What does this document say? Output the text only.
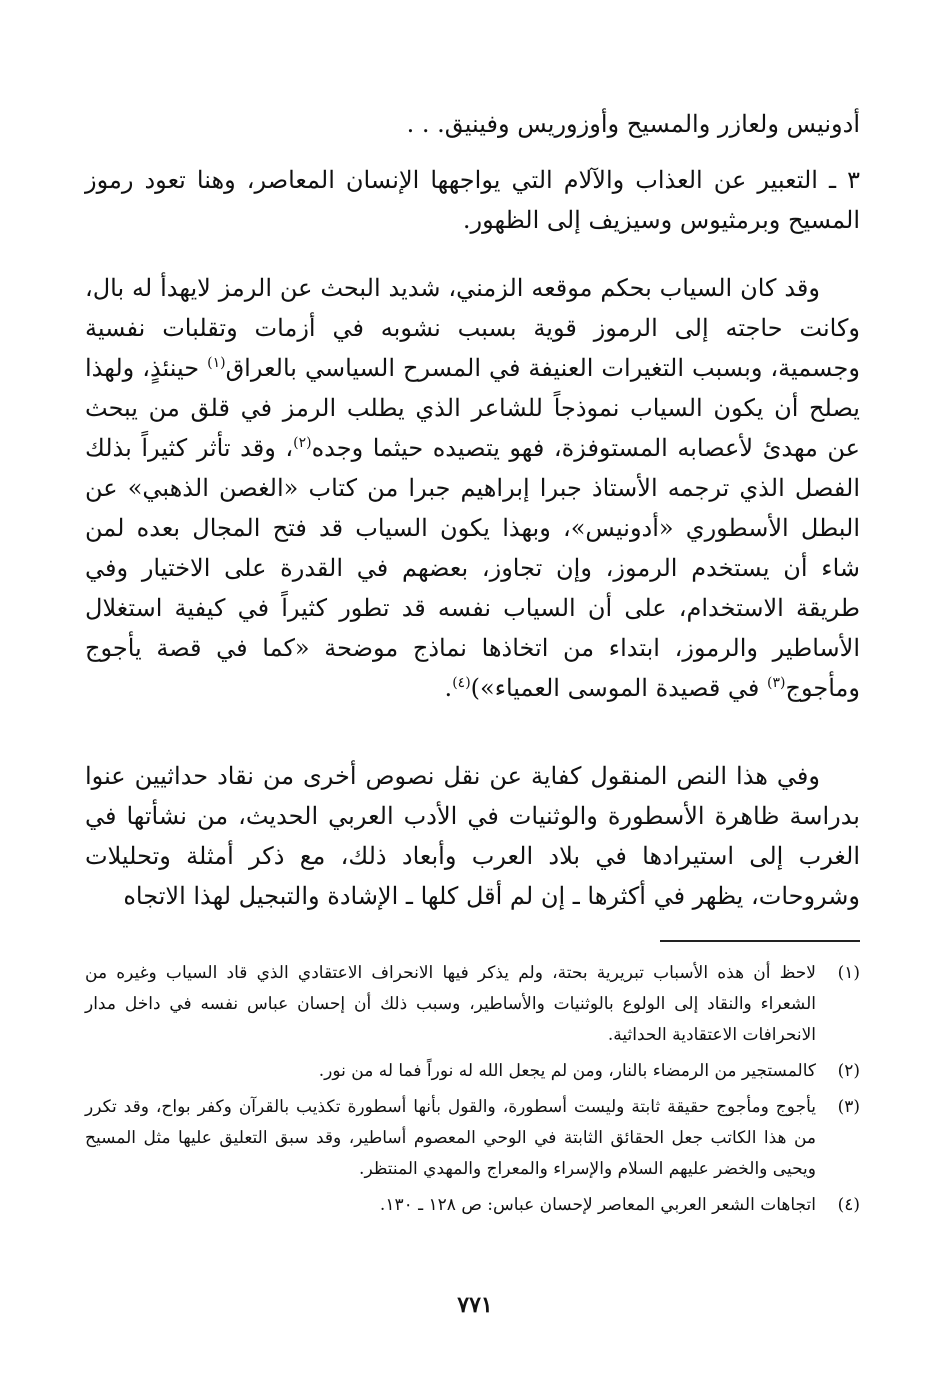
أدونيس ولعازر والمسيح وأوزوريس وفينيق. . .

٣ ـ التعبير عن العذاب والآلام التي يواجهها الإنسان المعاصر، وهنا تعود رموز المسيح وبرمثيوس وسيزيف إلى الظهور.

وقد كان السياب بحكم موقعه الزمني، شديد البحث عن الرمز لايهدأ له بال، وكانت حاجته إلى الرموز قوية بسبب نشوبه في أزمات وتقلبات نفسية وجسمية، وبسبب التغيرات العنيفة في المسرح السياسي بالعراق$^{(١)}$ حينئذٍ، ولهذا يصلح أن يكون السياب نموذجاً للشاعر الذي يطلب الرمز في قلق من يبحث عن مهدئ لأعصابه المستوفزة، فهو يتصيده حيثما وجده$^{(٢)}$، وقد تأثر كثيراً بذلك الفصل الذي ترجمه الأستاذ جبرا إبراهيم جبرا من كتاب «الغصن الذهبي» عن البطل الأسطوري «أدونيس»، وبهذا يكون السياب قد فتح المجال بعده لمن شاء أن يستخدم الرموز، وإن تجاوز، بعضهم في القدرة على الاختيار وفي طريقة الاستخدام، على أن السياب نفسه قد تطور كثيراً في كيفية استغلال الأساطير والرموز، ابتداء من اتخاذها نماذج موضحة «كما في قصة يأجوج ومأجوج$^{(٣)}$ في قصيدة الموسى العمياء»)$^{(٤)}$.

وفي هذا النص المنقول كفاية عن نقل نصوص أخرى من نقاد حداثيين عنوا بدراسة ظاهرة الأسطورة والوثنيات في الأدب العربي الحديث، من نشأتها في الغرب إلى استيرادها في بلاد العرب وأبعاد ذلك، مع ذكر أمثلة وتحليلات وشروحات، يظهر في أكثرها ـ إن لم أقل كلها ـ الإشادة والتبجيل لهذا الاتجاه

(١)
لاحظ أن هذه الأسباب تبريرية بحتة، ولم يذكر فيها الانحراف الاعتقادي الذي قاد السياب وغيره من الشعراء والنقاد إلى الولوع بالوثنيات والأساطير، وسبب ذلك أن إحسان عباس نفسه في داخل مدار الانحرافات الاعتقادية الحداثية.
(٢)
كالمستجير من الرمضاء بالنار، ومن لم يجعل الله له نوراً فما له من نور.
(٣)
يأجوج ومأجوج حقيقة ثابتة وليست أسطورة، والقول بأنها أسطورة تكذيب بالقرآن وكفر بواح، وقد تكرر من هذا الكاتب جعل الحقائق الثابتة في الوحي المعصوم أساطير، وقد سبق التعليق عليها مثل المسيح ويحيى والخضر عليهم السلام والإسراء والمعراج والمهدي المنتظر.
(٤)
اتجاهات الشعر العربي المعاصر لإحسان عباس: ص ١٢٨ ـ ١٣٠.
٧٧١
